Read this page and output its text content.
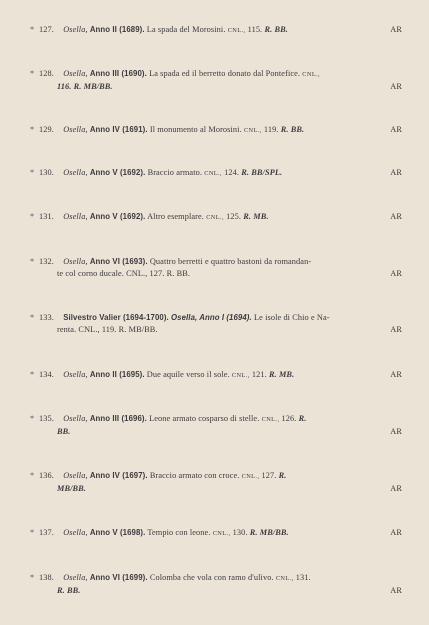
* 127. Osella, Anno II (1689). La spada del Morosini. CNL., 115. R. BB.	AR
* 128. Osella, Anno III (1690). La spada ed il berretto donato dal Pontefice. CNL.,
116. R. MB/BB.	AR
* 129. Osella, Anno IV (1691). Il monumento al Morosini. CNL., 119. R. BB.	AR
* 130. Osella, Anno V (1692). Braccio armato. CNL., 124. R. BB/SPL.	AR
* 131. Osella, Anno V (1692). Altro esemplare. CNL., 125. R. MB.	AR
* 132. Osella, Anno VI (1693). Quattro berretti e quattro bastoni da romandan-
te col corno ducale. CNL., 127. R. BB.	AR
* 133. Silvestro Valier (1694-1700). Osella, Anno I (1694). Le isole di Chio e Na-
renta. CNL., 119. R. MB/BB.	AR
* 134. Osella, Anno II (1695). Due aquile verso il sole. CNL., 121. R. MB.	AR
* 135. Osella, Anno III (1696). Leone armato cosparso di stelle. CNL., 126. R.
BB.	AR
* 136. Osella, Anno IV (1697). Braccio armato con croce. CNL., 127. R.
MB/BB.	AR
* 137. Osella, Anno V (1698). Tempio con leone. CNL., 130. R. MB/BB.	AR
* 138. Osella, Anno VI (1699). Colomba che vola con ramo d'ulivo. CNL., 131.
R. BB.	AR
